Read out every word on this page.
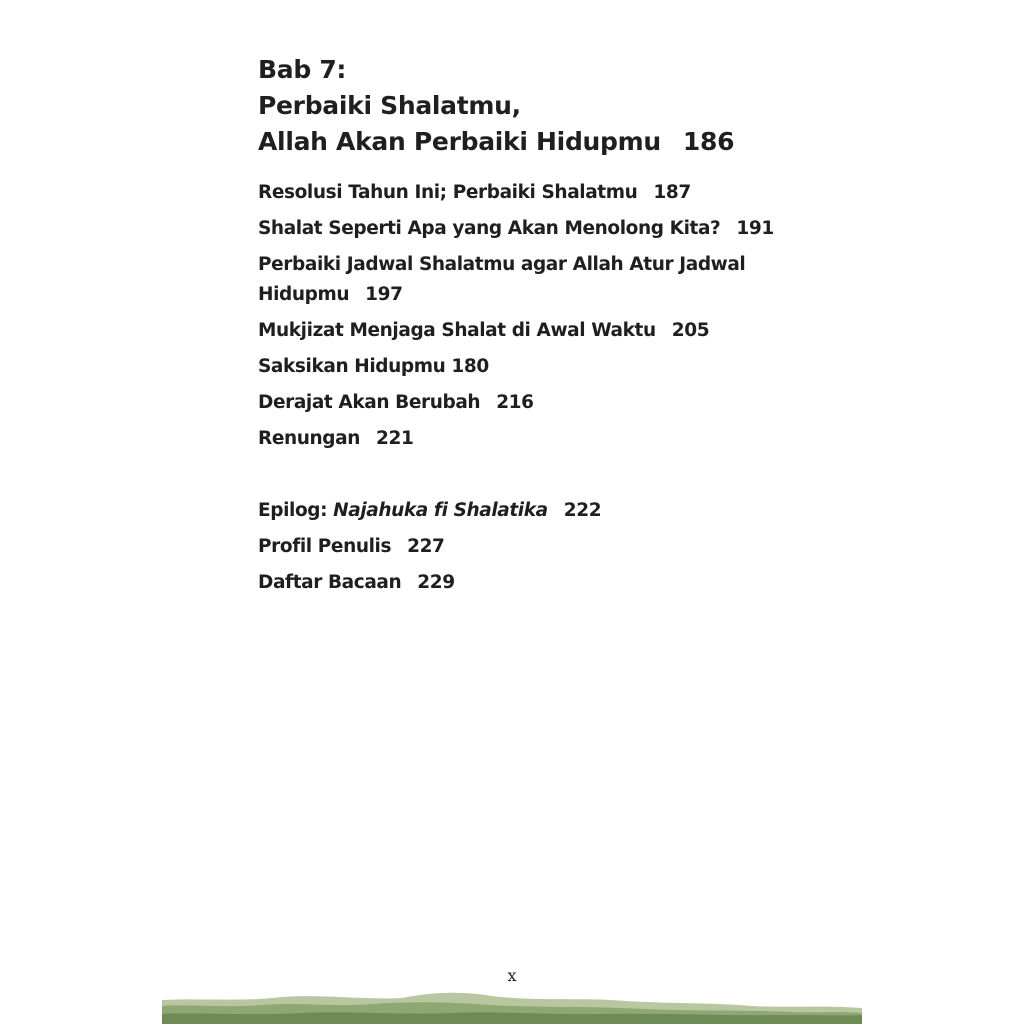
Bab 7:
Perbaiki Shalatmu,
Allah Akan Perbaiki Hidupmu 186
Resolusi Tahun Ini; Perbaiki Shalatmu 187
Shalat Seperti Apa yang Akan Menolong Kita? 191
Perbaiki Jadwal Shalatmu agar Allah Atur Jadwal
Hidupmu 197
Mukjizat Menjaga Shalat di Awal Waktu 205
Saksikan Hidupmu 180
Derajat Akan Berubah 216
Renungan 221
Epilog: Najahuka fi Shalatika 222
Profil Penulis 227
Daftar Bacaan 229
x
